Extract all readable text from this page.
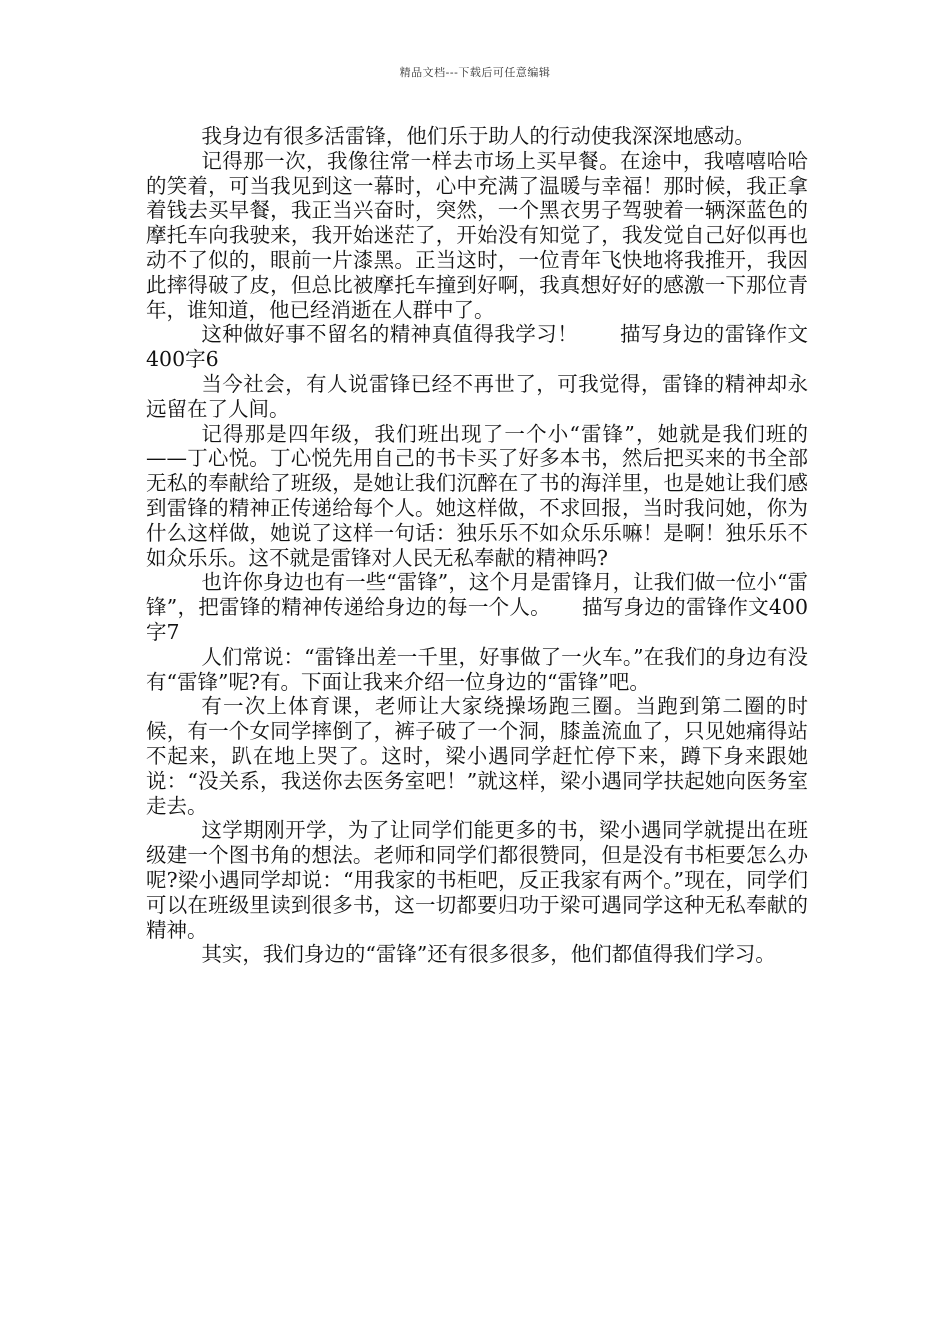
精品文档---下载后可任意编辑

我身边有很多活雷锋，他们乐于助人的行动使我深深地感动。

记得那一次，我像往常一样去市场上买早餐。在途中，我嘻嘻哈哈的笑着，可当我见到这一幕时，心中充满了温暖与幸福！那时候，我正拿着钱去买早餐，我正当兴奋时，突然，一个黑衣男子驾驶着一辆深蓝色的摩托车向我驶来，我开始迷茫了，开始没有知觉了，我发觉自己好似再也动不了似的，眼前一片漆黑。正当这时，一位青年飞快地将我推开，我因此摔得破了皮，但总比被摩托车撞到好啊，我真想好好的感激一下那位青年，谁知道，他已经消逝在人群中了。

这种做好事不留名的精神真值得我学习！　　描写身边的雷锋作文400字6

当今社会，有人说雷锋已经不再世了，可我觉得，雷锋的精神却永远留在了人间。

记得那是四年级，我们班出现了一个小“雷锋”，她就是我们班的——丁心悦。丁心悦先用自己的书卡买了好多本书，然后把买来的书全部无私的奉献给了班级，是她让我们沉醉在了书的海洋里，也是她让我们感到雷锋的精神正传递给每个人。她这样做，不求回报，当时我问她，你为什么这样做，她说了这样一句话：独乐乐不如众乐乐嘛！是啊！独乐乐不如众乐乐。这不就是雷锋对人民无私奉献的精神吗?

也许你身边也有一些“雷锋”，这个月是雷锋月，让我们做一位小“雷锋”，把雷锋的精神传递给身边的每一个人。　　描写身边的雷锋作文400字7

人们常说：“雷锋出差一千里，好事做了一火车。”在我们的身边有没有“雷锋”呢?有。下面让我来介绍一位身边的“雷锋”吧。

有一次上体育课，老师让大家绕操场跑三圈。当跑到第二圈的时候，有一个女同学摔倒了，裤子破了一个洞，膝盖流血了，只见她痛得站不起来，趴在地上哭了。这时，梁小遇同学赶忙停下来，蹲下身来跟她说：“没关系，我送你去医务室吧！”就这样，梁小遇同学扶起她向医务室走去。

这学期刚开学，为了让同学们能更多的书，梁小遇同学就提出在班级建一个图书角的想法。老师和同学们都很赞同，但是没有书柜要怎么办呢?梁小遇同学却说：“用我家的书柜吧，反正我家有两个。”现在，同学们可以在班级里读到很多书，这一切都要归功于梁可遇同学这种无私奉献的精神。

其实，我们身边的“雷锋”还有很多很多，他们都值得我们学习。
